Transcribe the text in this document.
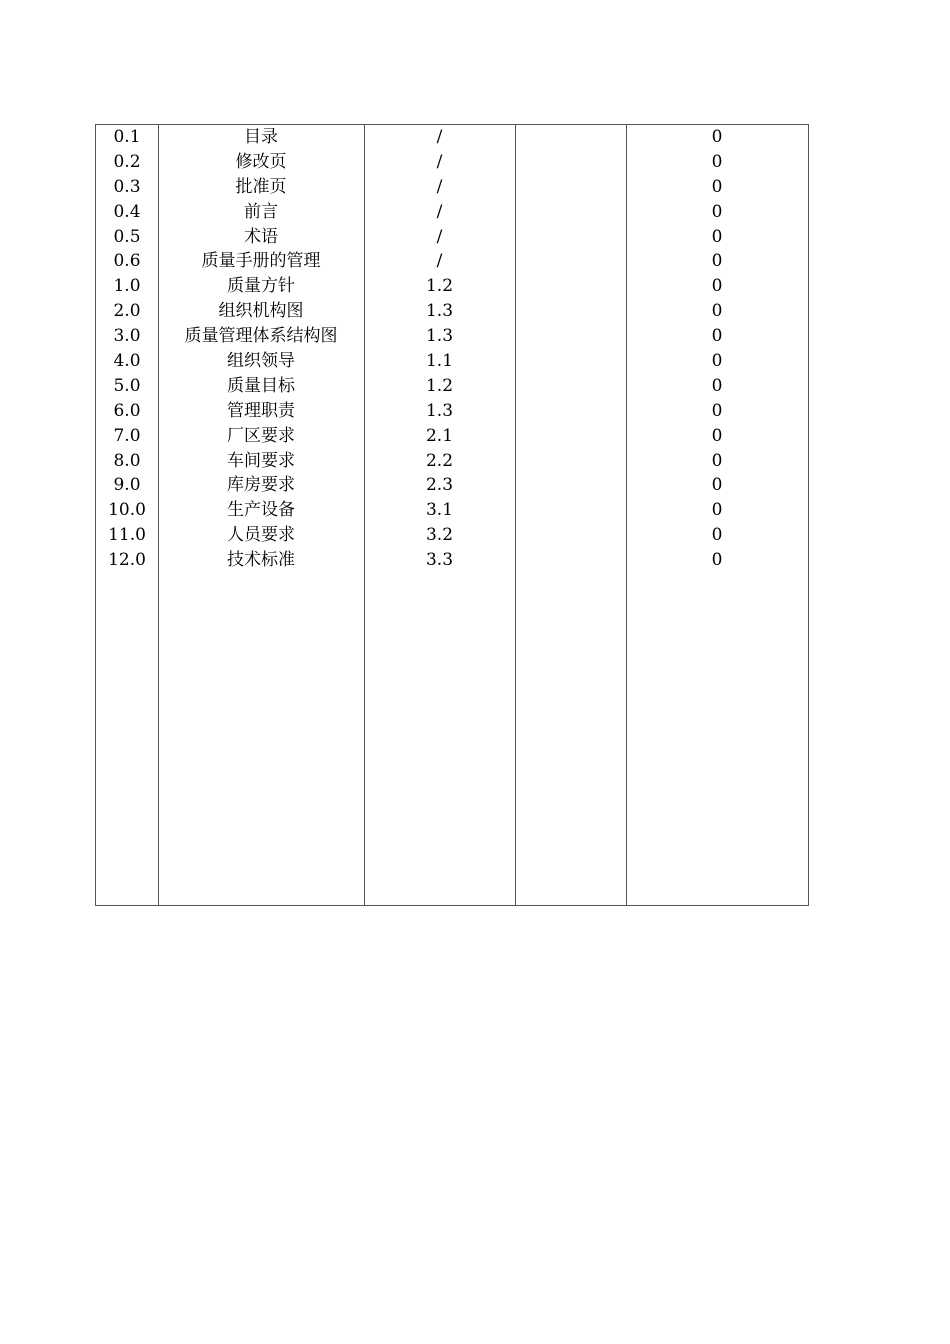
0.1	目录	/	0
0.2	修改页	/	0
0.3	批准页	/	0
0.4	前言	/	0
0.5	术语	/	0
0.6	质量手册的管理	/	0
1.0	质量方针	1.2	0
2.0	组织机构图	1.3	0
3.0	质量管理体系结构图	1.3	0
4.0	组织领导	1.1	0
5.0	质量目标	1.2	0
6.0	管理职责	1.3	0
7.0	厂区要求	2.1	0
8.0	车间要求	2.2	0
9.0	库房要求	2.3	0
10.0	生产设备	3.1	0
11.0	人员要求	3.2	0
12.0	技术标准	3.3	0
